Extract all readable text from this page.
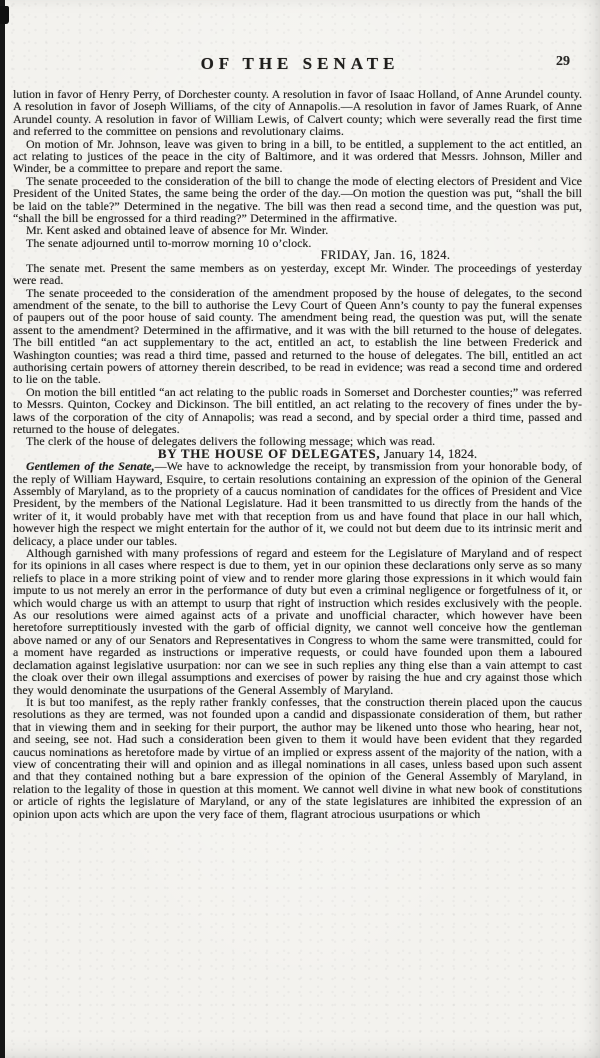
OF THE SENATE	29

lution in favor of Henry Perry, of Dorchester county. A resolution in favor of Isaac Holland, of Anne Arundel county. A resolution in favor of Joseph Williams, of the city of Annapolis.—A resolution in favor of James Ruark, of Anne Arundel county. A resolution in favor of William Lewis, of Calvert county; which were severally read the first time and referred to the committee on pensions and revolutionary claims.

On motion of Mr. Johnson, leave was given to bring in a bill, to be entitled, a supplement to the act entitled, an act relating to justices of the peace in the city of Baltimore, and it was ordered that Messrs. Johnson, Miller and Winder, be a committee to prepare and report the same.

The senate proceeded to the consideration of the bill to change the mode of electing electors of President and Vice President of the United States, the same being the order of the day.—On motion the question was put, “shall the bill be laid on the table?” Determined in the negative. The bill was then read a second time, and the question was put, “shall the bill be engrossed for a third reading?” Determined in the affirmative.

Mr. Kent asked and obtained leave of absence for Mr. Winder.

The senate adjourned until to-morrow morning 10 o’clock.

FRIDAY, Jan. 16, 1824.

The senate met. Present the same members as on yesterday, except Mr. Winder. The proceedings of yesterday were read.

The senate proceeded to the consideration of the amendment proposed by the house of delegates, to the second amendment of the senate, to the bill to authorise the Levy Court of Queen Ann’s county to pay the funeral expenses of paupers out of the poor house of said county. The amendment being read, the question was put, will the senate assent to the amendment? Determined in the affirmative, and it was with the bill returned to the house of delegates. The bill entitled “an act supplementary to the act, entitled an act, to establish the line between Frederick and Washington counties; was read a third time, passed and returned to the house of delegates. The bill, entitled an act authorising certain powers of attorney therein described, to be read in evidence; was read a second time and ordered to lie on the table.

On motion the bill entitled “an act relating to the public roads in Somerset and Dorchester counties;” was referred to Messrs. Quinton, Cockey and Dickinson. The bill entitled, an act relating to the recovery of fines under the by-laws of the corporation of the city of Annapolis; was read a second, and by special order a third time, passed and returned to the house of delegates.

The clerk of the house of delegates delivers the following message; which was read.

BY THE HOUSE OF DELEGATES, January 14, 1824.

Gentlemen of the Senate,—We have to acknowledge the receipt, by transmission from your honorable body, of the reply of William Hayward, Esquire, to certain resolutions containing an expression of the opinion of the General Assembly of Maryland, as to the propriety of a caucus nomination of candidates for the offices of President and Vice President, by the members of the National Legislature. Had it been transmitted to us directly from the hands of the writer of it, it would probably have met with that reception from us and have found that place in our hall which, however high the respect we might entertain for the author of it, we could not but deem due to its intrinsic merit and delicacy, a place under our tables.

Although garnished with many professions of regard and esteem for the Legislature of Maryland and of respect for its opinions in all cases where respect is due to them, yet in our opinion these declarations only serve as so many reliefs to place in a more striking point of view and to render more glaring those expressions in it which would fain impute to us not merely an error in the performance of duty but even a criminal negligence or forgetfulness of it, or which would charge us with an attempt to usurp that right of instruction which resides exclusively with the people. As our resolutions were aimed against acts of a private and unofficial character, which however have been heretofore surreptitiously invested with the garb of official dignity, we cannot well conceive how the gentleman above named or any of our Senators and Representatives in Congress to whom the same were transmitted, could for a moment have regarded as instructions or imperative requests, or could have founded upon them a laboured declamation against legislative usurpation: nor can we see in such replies any thing else than a vain attempt to cast the cloak over their own illegal assumptions and exercises of power by raising the hue and cry against those which they would denominate the usurpations of the General Assembly of Maryland.

It is but too manifest, as the reply rather frankly confesses, that the construction therein placed upon the caucus resolutions as they are termed, was not founded upon a candid and dispassionate consideration of them, but rather that in viewing them and in seeking for their purport, the author may be likened unto those who hearing, hear not, and seeing, see not. Had such a consideration been given to them it would have been evident that they regarded caucus nominations as heretofore made by virtue of an implied or express assent of the majority of the nation, with a view of concentrating their will and opinion and as illegal nominations in all cases, unless based upon such assent and that they contained nothing but a bare expression of the opinion of the General Assembly of Maryland, in relation to the legality of those in question at this moment. We cannot well divine in what new book of constitutions or article of rights the legislature of Maryland, or any of the state legislatures are inhibited the expression of an opinion upon acts which are upon the very face of them, flagrant atrocious usurpations or which
